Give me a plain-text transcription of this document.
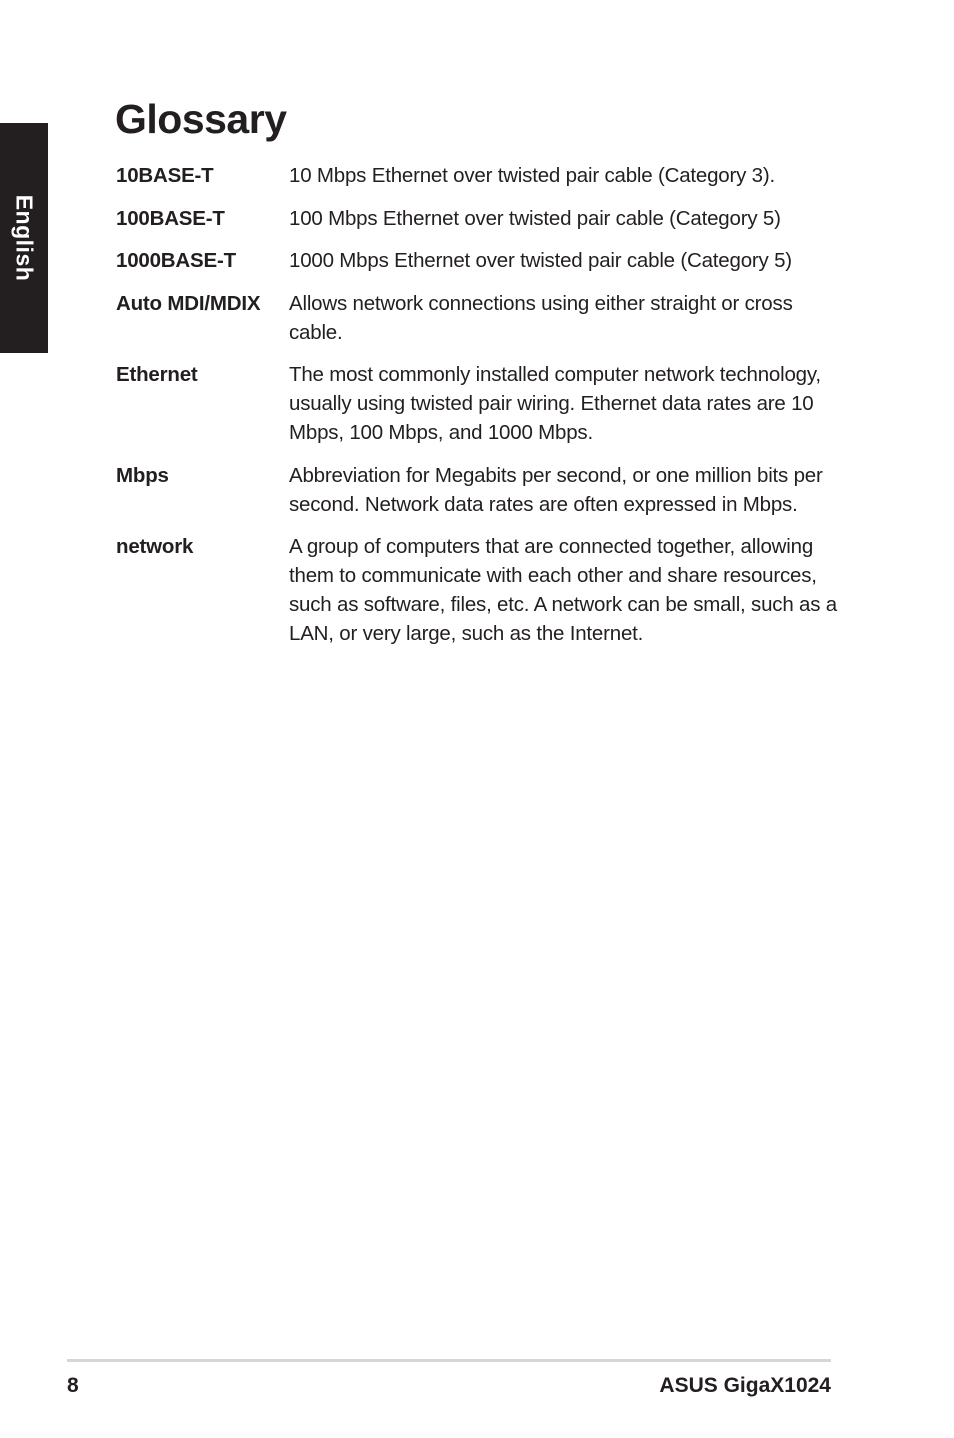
English
Glossary
10BASE-T	10 Mbps Ethernet over twisted pair cable (Category 3).
100BASE-T	100 Mbps Ethernet over twisted pair cable (Category 5)
1000BASE-T	1000 Mbps Ethernet over twisted pair cable (Category 5)
Auto MDI/MDIX	Allows network connections using either straight or cross cable.
Ethernet	The most commonly installed computer network technology, usually using twisted pair wiring. Ethernet data rates are 10 Mbps, 100 Mbps, and 1000 Mbps.
Mbps	Abbreviation for Megabits per second, or one million bits per second. Network data rates are often expressed in Mbps.
network	A group of computers that are connected together, allowing them to communicate with each other and share resources, such as software, files, etc. A network can be small, such as a LAN, or very large, such as the Internet.
8	ASUS GigaX1024
